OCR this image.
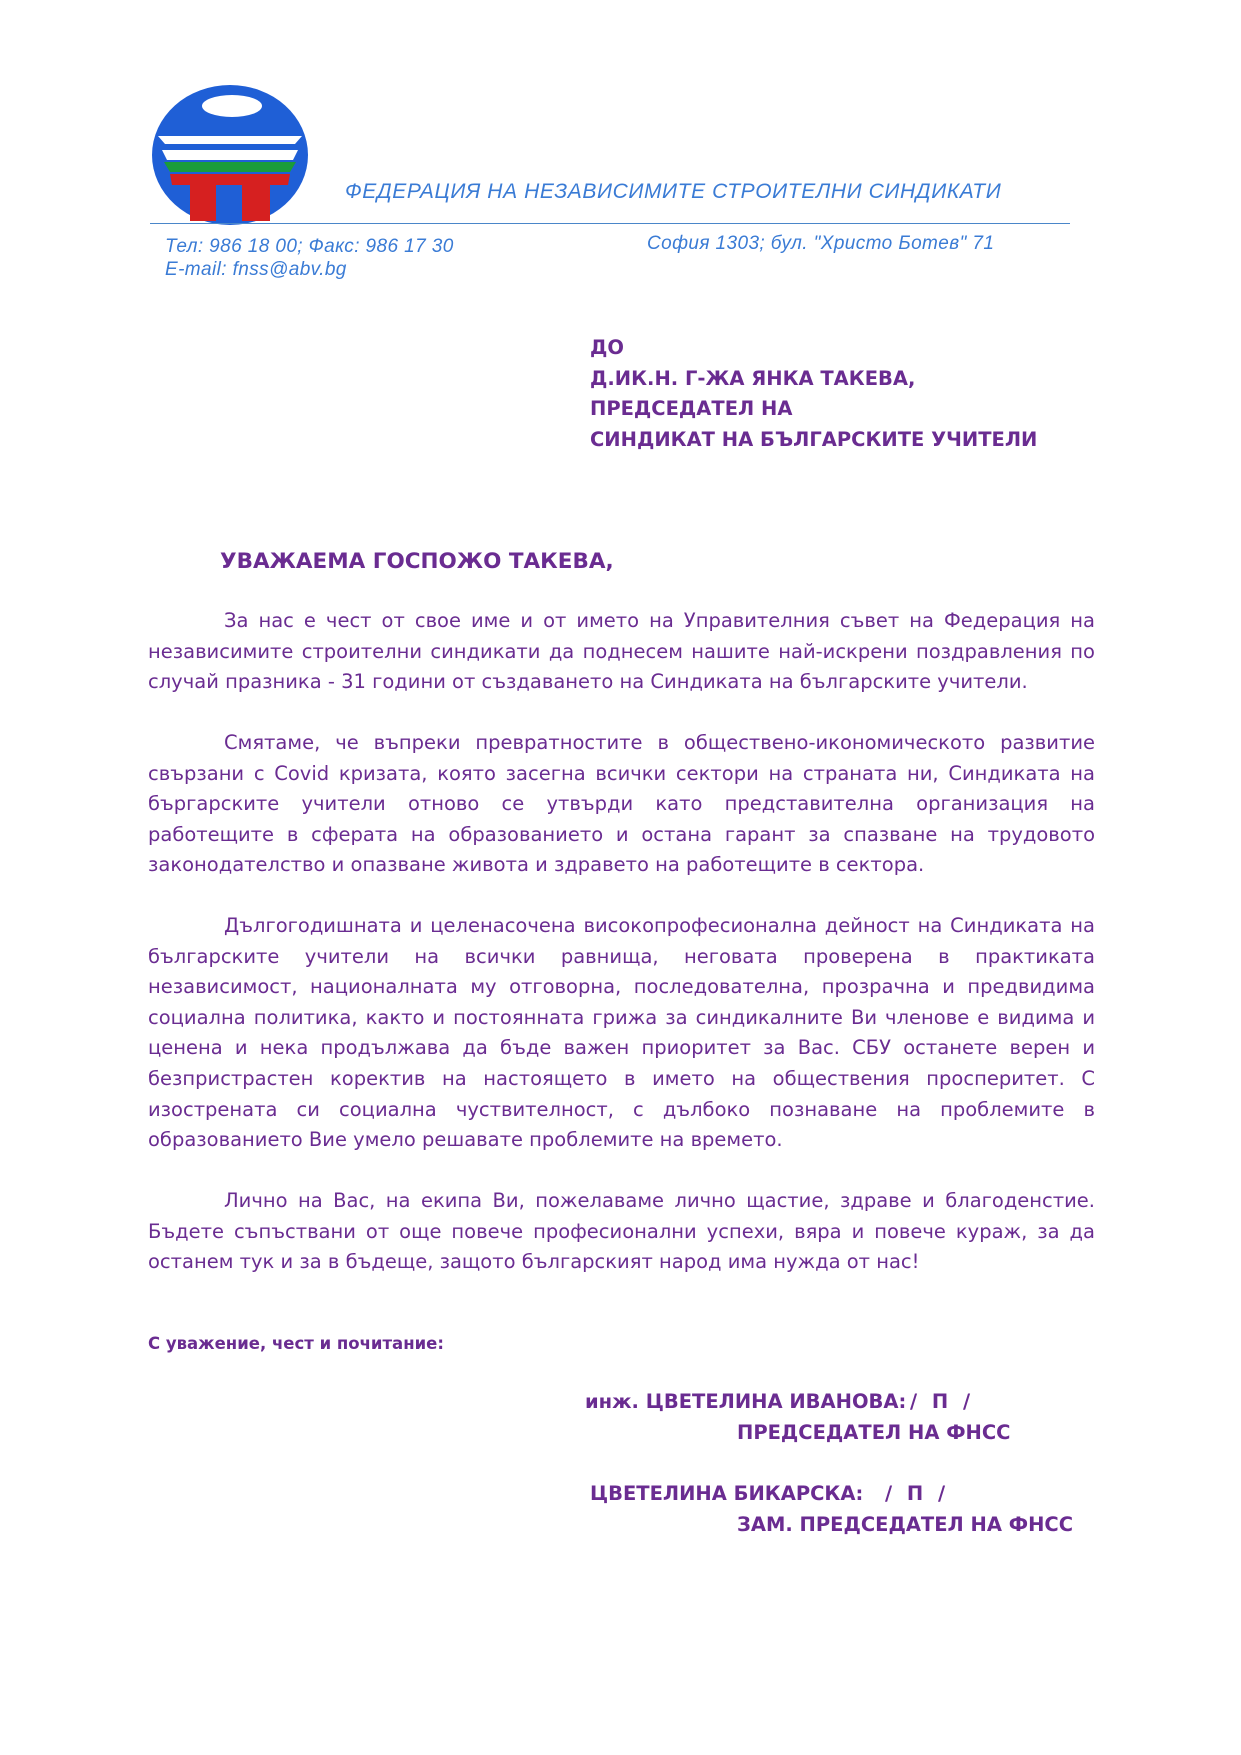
ФЕДЕРАЦИЯ НА НЕЗАВИСИМИТЕ СТРОИТЕЛНИ СИНДИКАТИ
Тел: 986 18 00; Факс: 986 17 30
E-mail: fnss@abv.bg
София 1303; бул. "Христо Ботев" 71
ДО
Д.ИК.Н. Г-ЖА ЯНКА ТАКЕВА,
ПРЕДСЕДАТЕЛ НА
СИНДИКАТ НА БЪЛГАРСКИТЕ УЧИТЕЛИ
УВАЖАЕМА ГОСПОЖО ТАКЕВА,

За нас е чест от свое име и от името на Управителния съвет на Федерация на независимите строителни синдикати да поднесем нашите най-искрени поздравления по случай празника - 31 години от създаването на Синдиката на българските учители.

Смятаме, че въпреки превратностите в обществено-икономическото развитие свързани с Covid кризата, която засегна всички сектори на страната ни, Синдиката на бъргарските учители отново се утвърди като представителна организация на работещите в сферата на образованието и остана гарант за спазване на трудовото законодателство и опазване живота и здравето на работещите в сектора.

Дългогодишната и целенасочена високопрофесионална дейност на Синдиката на българските учители на всички равнища, неговата проверена в практиката независимост, националната му отговорна, последователна, прозрачна и предвидима социална политика, както и постоянната грижа за синдикалните Ви членове е видима и ценена и нека продължава да бъде важен приоритет за Вас. СБУ останете верен и безпристрастен коректив на настоящето в името на обществения просперитет. С изострената си социална чуствителност, с дълбоко познаване на проблемите в образованието Вие умело решавате проблемите на времето.

Лично на Вас, на екипа Ви, пожелаваме лично щастие, здраве и благоденстие. Бъдете съпъствани от още повече професионални успехи, вяра и повече кураж, за да останем тук и за в бъдеще, защото българският народ има нужда от нас!

С уважение, чест и почитание:
инж. ЦВЕТЕЛИНА ИВАНОВА: / П /
ПРЕДСЕДАТЕЛ НА ФНСС
ЦВЕТЕЛИНА БИКАРСКА: / П /
ЗАМ. ПРЕДСЕДАТЕЛ НА ФНСС
